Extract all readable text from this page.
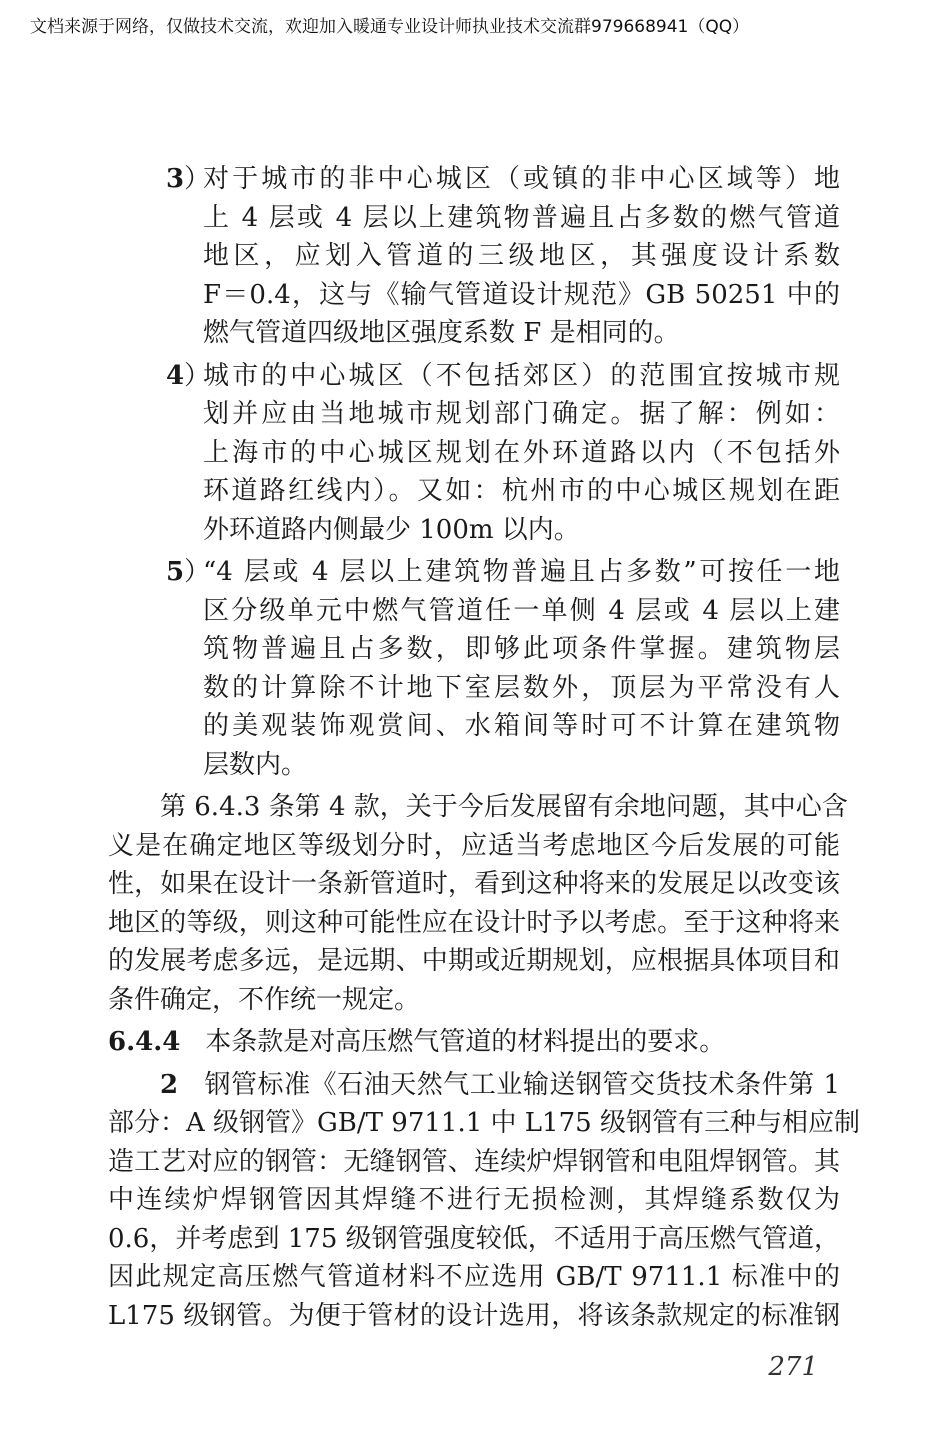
文档来源于网络，仅做技术交流，欢迎加入暖通专业设计师执业技术交流群979668941（QQ）
3）
对于城市的非中心城区（或镇的非中心区域等）地
上 4 层或 4 层以上建筑物普遍且占多数的燃气管道
地区，应划入管道的三级地区，其强度设计系数
F＝0.4，这与《输气管道设计规范》GB 50251 中的
燃气管道四级地区强度系数 F 是相同的。
4）
城市的中心城区（不包括郊区）的范围宜按城市规
划并应由当地城市规划部门确定。据了解：例如：
上海市的中心城区规划在外环道路以内（不包括外
环道路红线内）。又如：杭州市的中心城区规划在距
外环道路内侧最少 100m 以内。
5）
“4 层或 4 层以上建筑物普遍且占多数”可按任一地
区分级单元中燃气管道任一单侧 4 层或 4 层以上建
筑物普遍且占多数，即够此项条件掌握。建筑物层
数的计算除不计地下室层数外，顶层为平常没有人
的美观装饰观赏间、水箱间等时可不计算在建筑物
层数内。
第 6.4.3 条第 4 款，关于今后发展留有余地问题，其中心含
义是在确定地区等级划分时，应适当考虑地区今后发展的可能
性，如果在设计一条新管道时，看到这种将来的发展足以改变该
地区的等级，则这种可能性应在设计时予以考虑。至于这种将来
的发展考虑多远，是远期、中期或近期规划，应根据具体项目和
条件确定，不作统一规定。
6.4.4 本条款是对高压燃气管道的材料提出的要求。
2 钢管标准《石油天然气工业输送钢管交货技术条件第 1
部分：A 级钢管》GB/T 9711.1 中 L175 级钢管有三种与相应制
造工艺对应的钢管：无缝钢管、连续炉焊钢管和电阻焊钢管。其
中连续炉焊钢管因其焊缝不进行无损检测，其焊缝系数仅为
0.6，并考虑到 175 级钢管强度较低，不适用于高压燃气管道，
因此规定高压燃气管道材料不应选用 GB/T 9711.1 标准中的
L175 级钢管。为便于管材的设计选用，将该条款规定的标准钢
271
